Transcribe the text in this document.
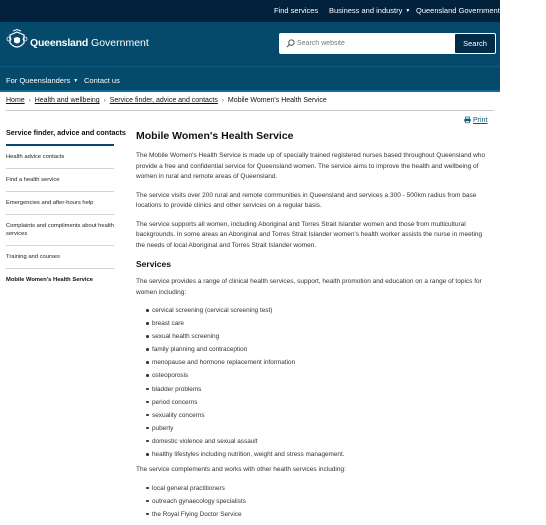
Find services Business and industry ▼ Queensland Government employees ▼
Queensland Government
Search website	Search
For Queenslanders ▼ Contact us
Home › Health and wellbeing › Service finder, advice and contacts › Mobile Women's Health Service
Print
Service finder, advice and contacts
Health advice contacts
Find a health service
Emergencies and after-hours help
Complaints and compliments about health services
Training and courses
Mobile Women's Health Service
Mobile Women's Health Service

The Mobile Women's Health Service is made up of specially trained registered nurses based throughout Queensland who provide a free and confidential service for Queensland women. The service aims to improve the health and wellbeing of women in rural and remote areas of Queensland.

The service visits over 200 rural and remote communities in Queensland and services a 300 - 500km radius from base locations to provide clinics and other services on a regular basis.

The service supports all women, including Aboriginal and Torres Strait Islander women and those from multicultural backgrounds. In some areas an Aboriginal and Torres Strait Islander women's health worker assists the nurse in meeting the needs of local Aboriginal and Torres Strait Islander women.

Services

The service provides a range of clinical health services, support, health promotion and education on a range of topics for women including:

cervical screening (cervical screening test)
breast care
sexual health screening
family planning and contraception
menopause and hormone replacement information
osteoporosis
bladder problems
period concerns
sexuality concerns
puberty
domestic violence and sexual assault
healthy lifestyles including nutrition, weight and stress management.

The service complements and works with other health services including:

local general practitioners
outreach gynaecology specialists
the Royal Flying Doctor Service
